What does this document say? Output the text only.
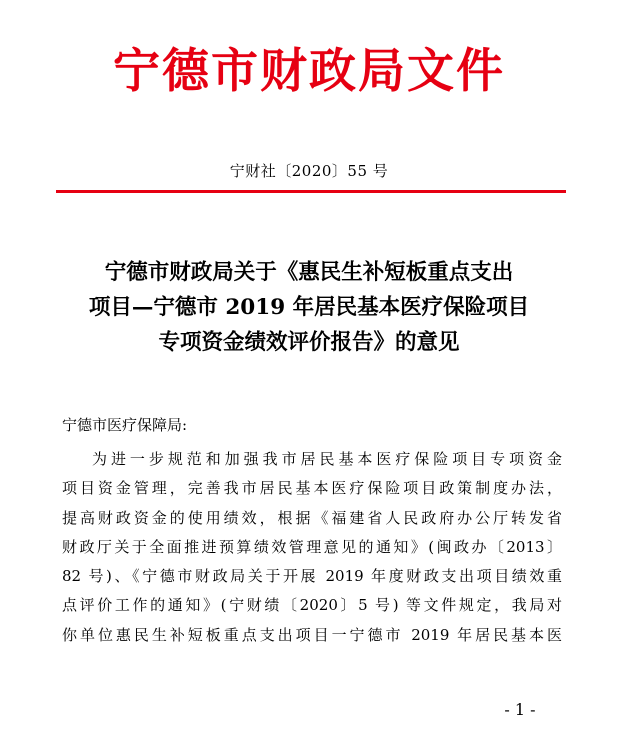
宁德市财政局文件
宁财社〔2020〕55 号
宁德市财政局关于《惠民生补短板重点支出
项目—宁德市 2019 年居民基本医疗保险项目
专项资金绩效评价报告》的意见
宁德市医疗保障局:
为进一步规范和加强我市居民基本医疗保险项目专项资金
项目资金管理，完善我市居民基本医疗保险项目政策制度办法，
提高财政资金的使用绩效，根据《福建省人民政府办公厅转发省
财政厅关于全面推进预算绩效管理意见的通知》(闽政办〔2013〕
82 号)、《宁德市财政局关于开展 2019 年度财政支出项目绩效重
点评价工作的通知》(宁财绩〔2020〕5 号) 等文件规定，我局对
你单位惠民生补短板重点支出项目一宁德市 2019 年居民基本医
- 1 -
